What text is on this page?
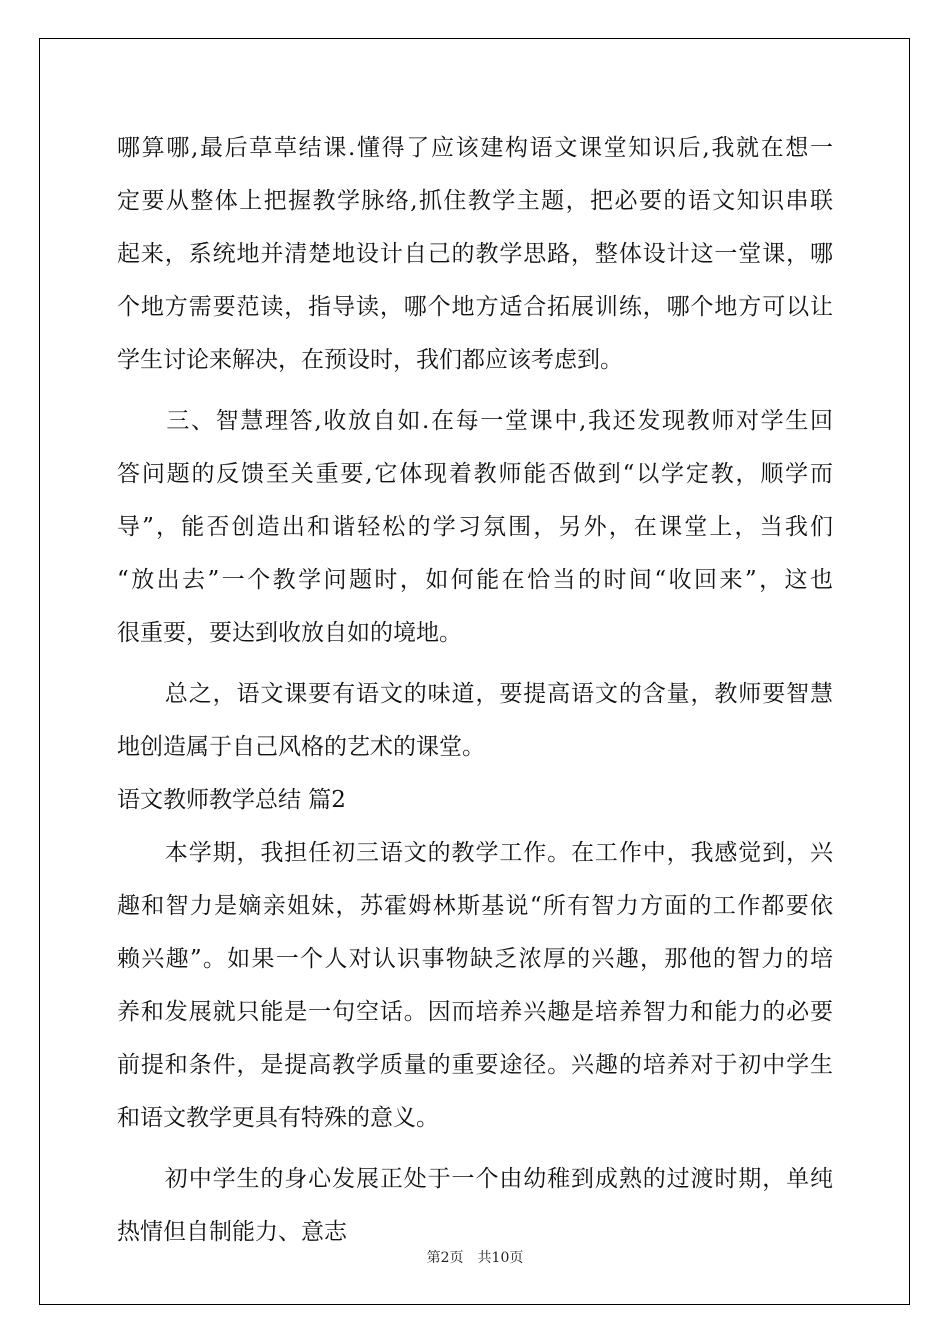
哪算哪,最后草草结课.懂得了应该建构语文课堂知识后,我就在想一
定要从整体上把握教学脉络,抓住教学主题，把必要的语文知识串联
起来，系统地并清楚地设计自己的教学思路，整体设计这一堂课，哪
个地方需要范读，指导读，哪个地方适合拓展训练，哪个地方可以让
学生讨论来解决，在预设时，我们都应该考虑到。
　　三、智慧理答,收放自如.在每一堂课中,我还发现教师对学生回
答问题的反馈至关重要,它体现着教师能否做到“以学定教，顺学而
导”，能否创造出和谐轻松的学习氛围，另外，在课堂上，当我们
“放出去”一个教学问题时，如何能在恰当的时间“收回来”，这也
很重要，要达到收放自如的境地。
　　总之，语文课要有语文的味道，要提高语文的含量，教师要智慧
地创造属于自己风格的艺术的课堂。
语文教师教学总结 篇2
　　本学期，我担任初三语文的教学工作。在工作中，我感觉到，兴
趣和智力是嫡亲姐妹，苏霍姆林斯基说“所有智力方面的工作都要依
赖兴趣”。如果一个人对认识事物缺乏浓厚的兴趣，那他的智力的培
养和发展就只能是一句空话。因而培养兴趣是培养智力和能力的必要
前提和条件，是提高教学质量的重要途径。兴趣的培养对于初中学生
和语文教学更具有特殊的意义。
　　初中学生的身心发展正处于一个由幼稚到成熟的过渡时期，单纯
热情但自制能力、意志
第2页　共10页
